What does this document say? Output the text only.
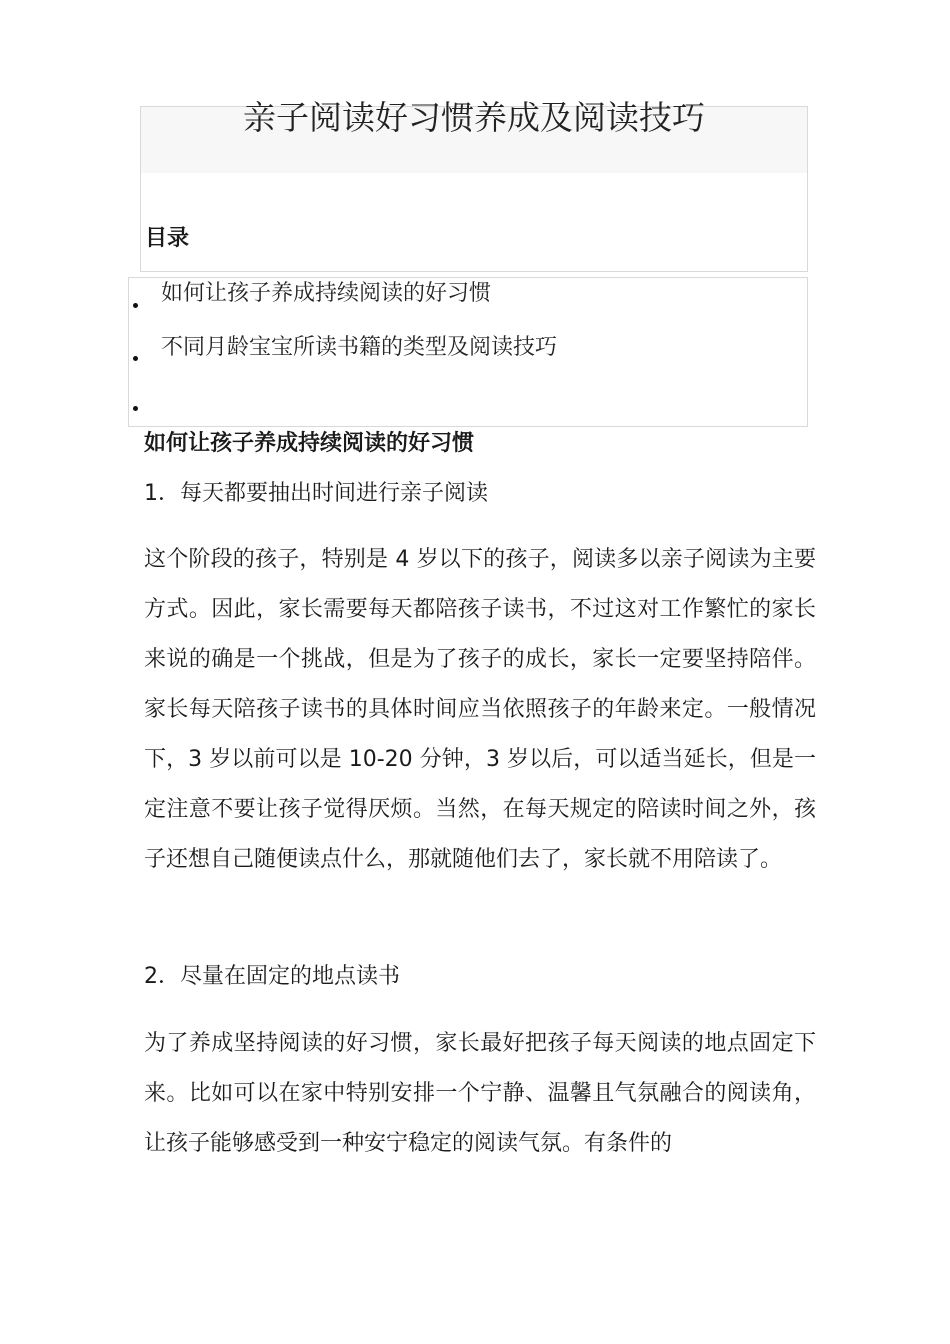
亲子阅读好习惯养成及阅读技巧
目录
如何让孩子养成持续阅读的好习惯
不同月龄宝宝所读书籍的类型及阅读技巧
如何让孩子养成持续阅读的好习惯
1．每天都要抽出时间进行亲子阅读
这个阶段的孩子，特别是 4 岁以下的孩子，阅读多以亲子阅读为主要方式。因此，家长需要每天都陪孩子读书，不过这对工作繁忙的家长来说的确是一个挑战，但是为了孩子的成长，家长一定要坚持陪伴。家长每天陪孩子读书的具体时间应当依照孩子的年龄来定。一般情况下，3 岁以前可以是 10-20 分钟，3 岁以后，可以适当延长，但是一定注意不要让孩子觉得厌烦。当然，在每天规定的陪读时间之外，孩子还想自己随便读点什么，那就随他们去了，家长就不用陪读了。
2．尽量在固定的地点读书
为了养成坚持阅读的好习惯，家长最好把孩子每天阅读的地点固定下来。比如可以在家中特别安排一个宁静、温馨且气氛融合的阅读角，让孩子能够感受到一种安宁稳定的阅读气氛。有条件的
